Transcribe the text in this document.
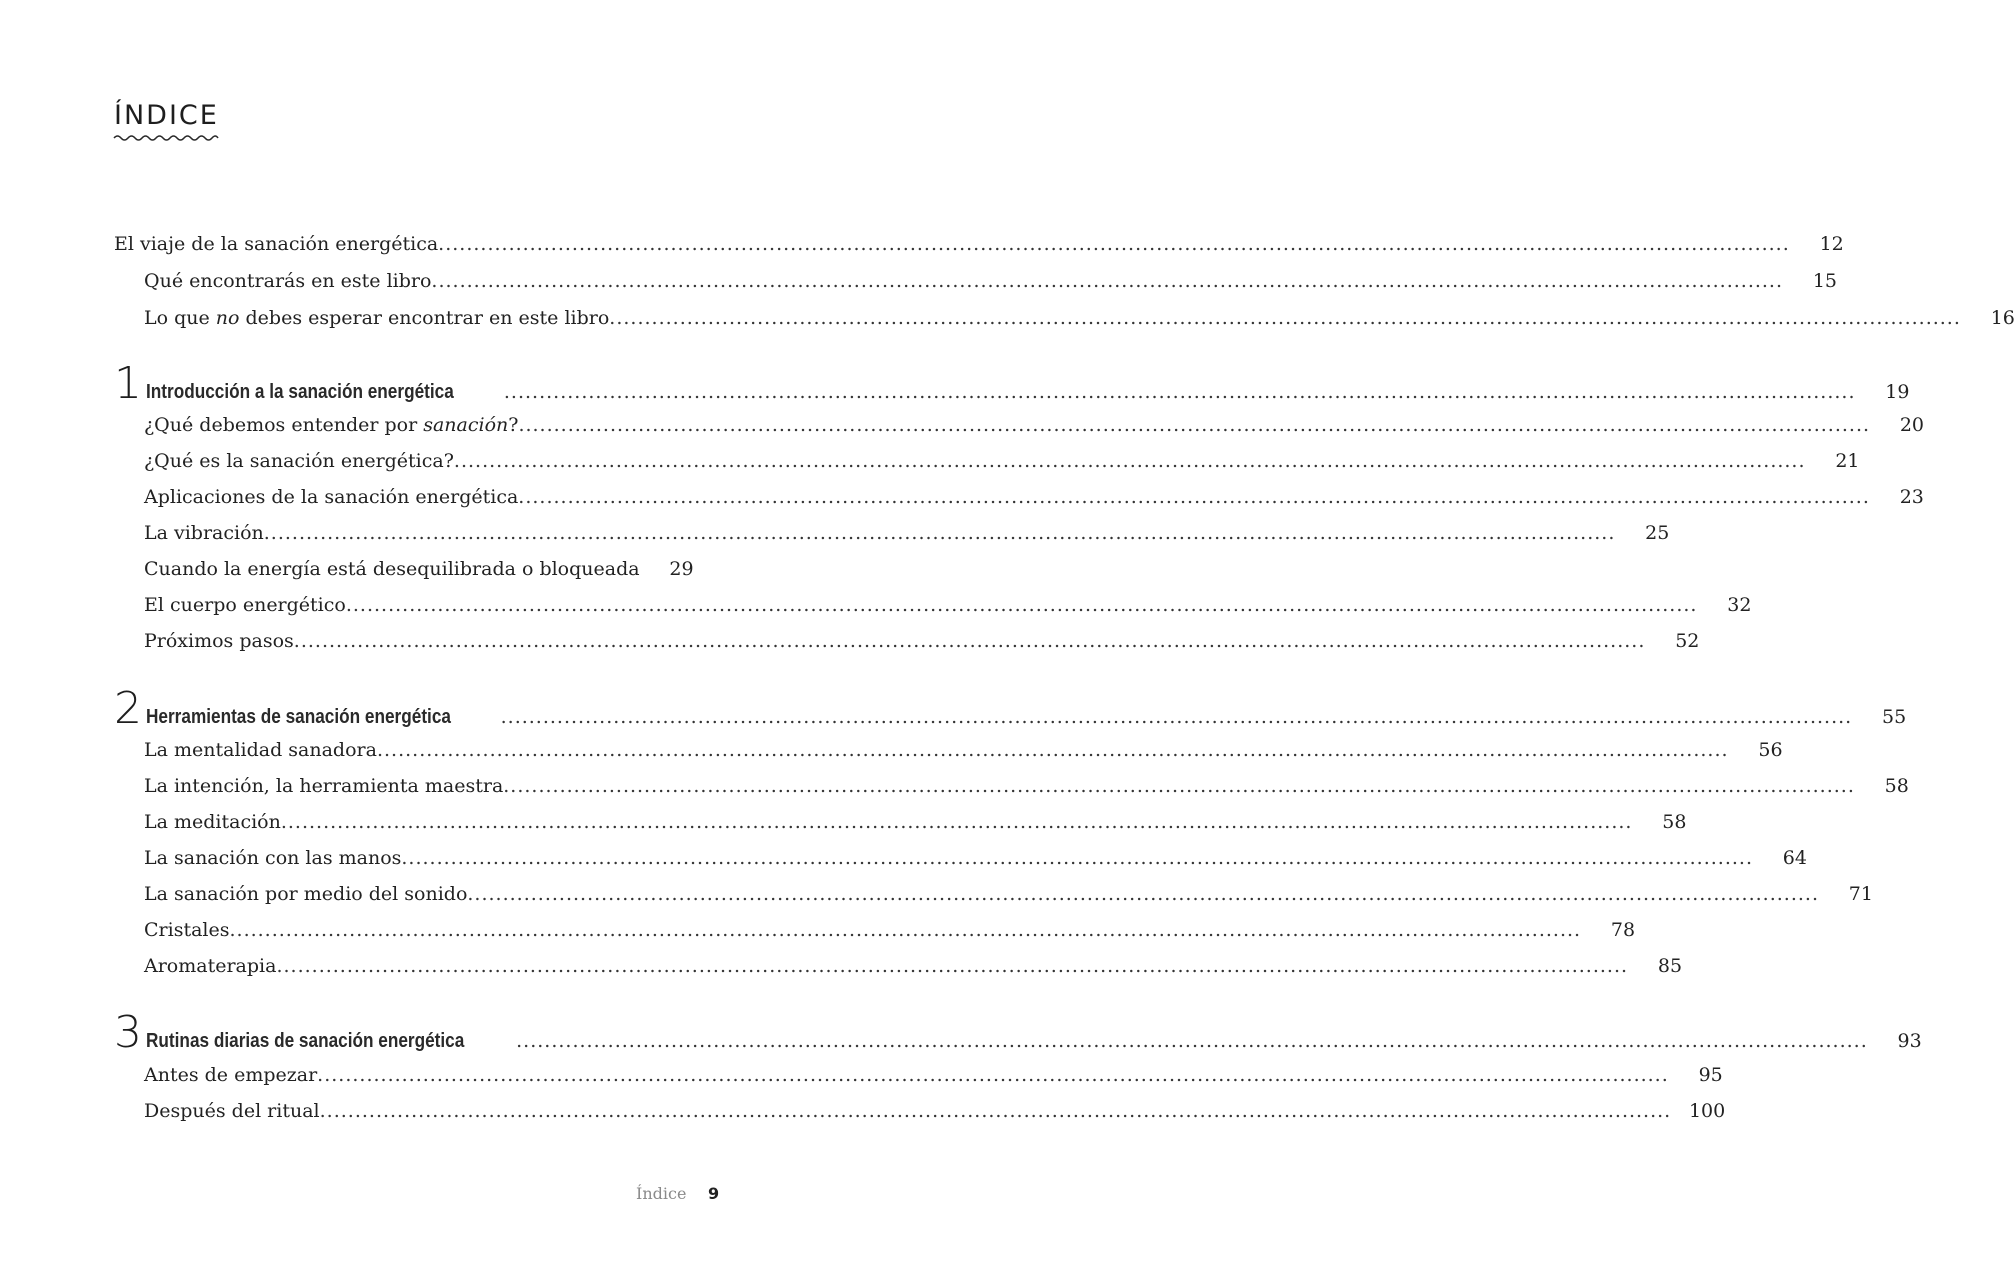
ÍNDICE
El viaje de la sanación energética .....	12
Qué encontrarás en este libro .....	15
Lo que no debes esperar encontrar en este libro .....	16
1 Introducción a la sanación energética .....	19
¿Qué debemos entender por sanación? .....	20
¿Qué es la sanación energética? .....	21
Aplicaciones de la sanación energética .....	23
La vibración .....	25
Cuando la energía está desequilibrada o bloqueada	29
El cuerpo energético .....	32
Próximos pasos .....	52
2 Herramientas de sanación energética .....	55
La mentalidad sanadora .....	56
La intención, la herramienta maestra .....	58
La meditación .....	58
La sanación con las manos .....	64
La sanación por medio del sonido .....	71
Cristales .....	78
Aromaterapia .....	85
3 Rutinas diarias de sanación energética .....	93
Antes de empezar .....	95
Después del ritual .....	100
Índice 9
